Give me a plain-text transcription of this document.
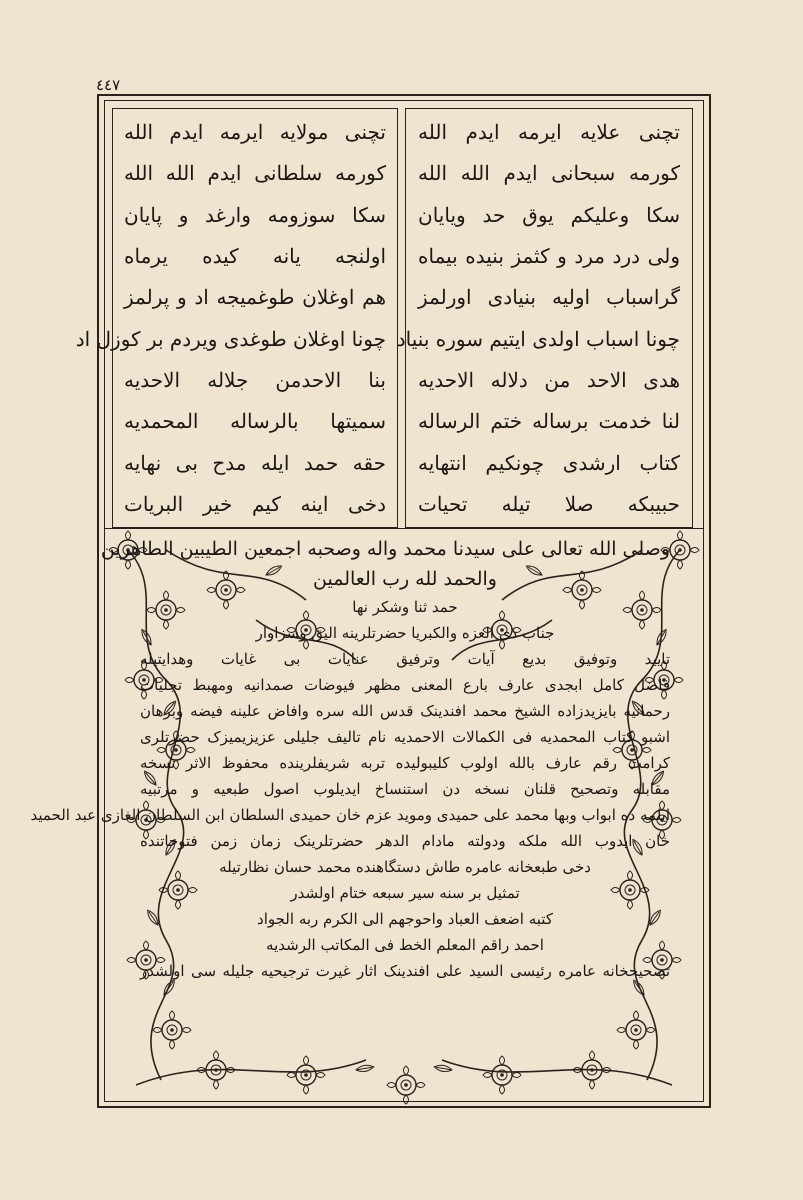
٤٤٧
تچنی علایه ایرمه ایدم الله
کورمه سبحانی ایدم الله الله
سکا وعلیکم یوق حد ویایان
ولی درد مرد و کثمز بنیده بیماه
گراسباب اولیه بنیادی اورلمز
چونا اسباب اولدی ایتیم سوره بنیاد
هدی الاحد من دلاله الاحدیه
لنا خدمت برساله ختم الرساله
کتاب ارشدی چونکیم انتهایه
حبیبکه صلا تیله تحیات
تچنی مولایه ایرمه ایدم الله
کورمه سلطانی ایدم الله الله
سکا سوزومه وارغد و پایان
اولنجه یانه کیده یرماه
هم اوغلان طوغمیجه اد و پرلمز
چونا اوغلان طوغدی ویردم بر کوزل اد
بنا الاحدمن جلاله الاحدیه
سمیتها بالرساله المحمدیه
حقه حمد ایله مدح بی نهایه
دخی اینه کیم خیر البریات
وصلی الله تعالی علی سیدنا محمد واله وصحبه اجمعین الطیبین الطاهرین
والحمد لله رب العالمین
حمد ثنا وشکر نها
جناب ذی العزه والکبریا حضرتلرینه الیق وسزاوار
تایید وتوفیق بدیع آیات وترفیق عنایات بی غایات وهدایتیله
فاضل کامل ابجدی عارف بارع المعنی مظهر فیوضات صمدانیه ومهبط تجلیات
رحمانیه بایزیدزاده الشیخ محمد افندینک قدس الله سره وافاض علینه فیضه وبرهان
اشبو کتاب المحمدیه فی الکمالات الاحمدیه نام تالیف جلیلی عزیزیمیزک حضرتلری
کرامت رقم عارف بالله اولوب کلیبولیده تربه شریفلرینده محفوظ الاثر نسخه
مقابله وتصحیح قلنان نسخه دن استنساخ ایدیلوب اصول طبعیه و مرتبیه
ایلمه ده ابواب وبها محمد علی حمیدی وموید عزم خان حمیدی السلطان ابن السلطان الغازی عبد الحمید
خان ایدوب الله ملکه ودولته مادام الدهر حضرتلرینک زمان زمن فتوحاتنده
دخی طبعخانه عامره طاش دستگاهنده محمد حسان نظارتیله
تمثیل بر سنه سیر سبعه ختام اولشدر
کتبه اضعف العباد واحوجهم الی الکرم ربه الجواد
احمد راقم المعلم الخط فی المکاتب الرشدیه
تصحیحخانه عامره رئیسی السید علی افندینک اثار غیرت ترجیحیه جلیله سی اولشدر
